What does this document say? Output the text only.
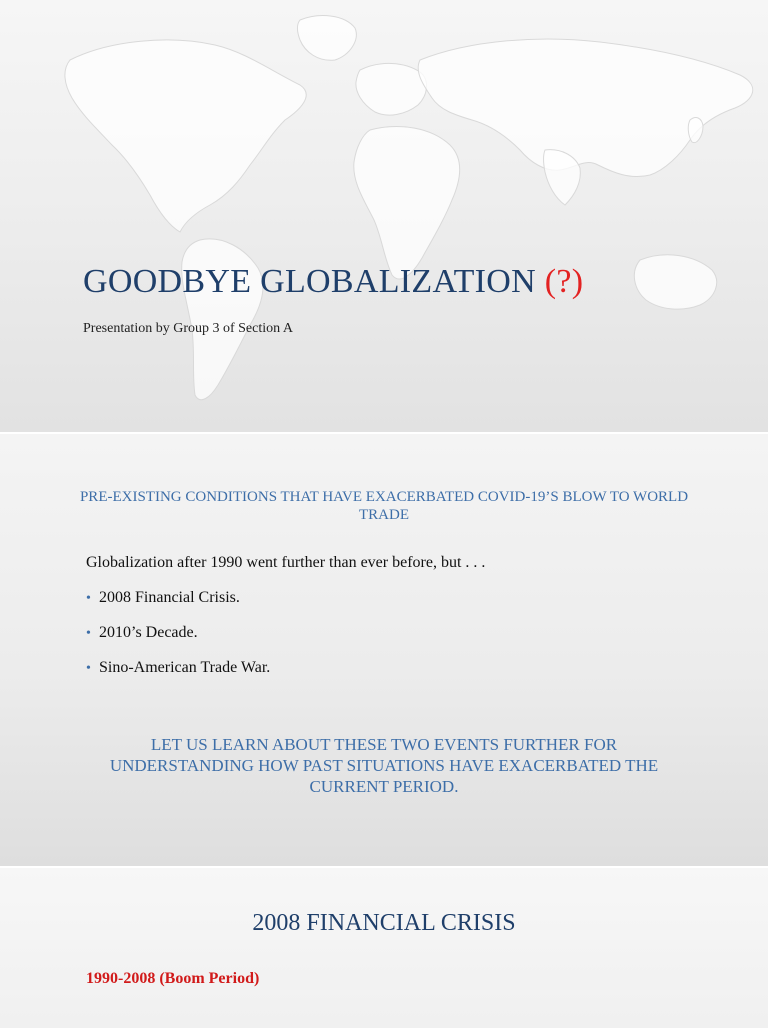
GOODBYE GLOBALIZATION (?)

Presentation by Group 3 of Section A

PRE-EXISTING CONDITIONS THAT HAVE EXACERBATED COVID-19’S BLOW TO WORLD TRADE

Globalization after 1990 went further than ever before, but . . .

• 2008 Financial Crisis.
• 2010’s Decade.
• Sino-American Trade War.

LET US LEARN ABOUT THESE TWO EVENTS FURTHER FOR UNDERSTANDING HOW PAST SITUATIONS HAVE EXACERBATED THE CURRENT PERIOD.

2008 FINANCIAL CRISIS

1990-2008 (Boom Period)
